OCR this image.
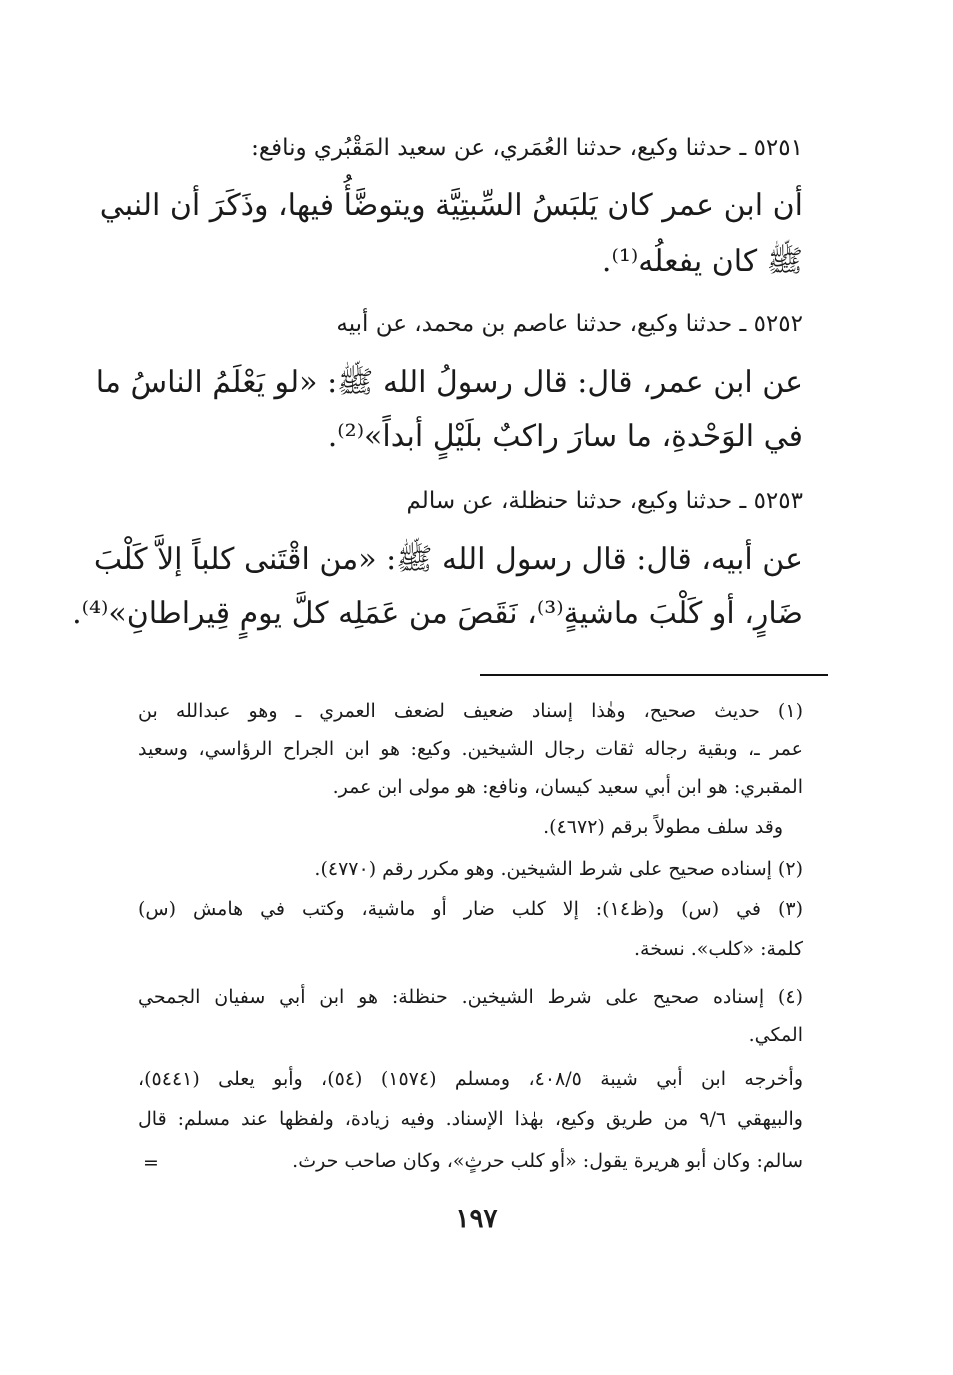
٥٢٥١ ـ حدثنا وكيع، حدثنا العُمَري، عن سعيد المَقْبُري ونافع:
أن ابن عمر كان يَلبَسُ السِّبتِيَّة ويتوضَّأُ فيها، وذَكَرَ أن النبي
ﷺ كان يفعلُه⁽¹⁾.
٥٢٥٢ ـ حدثنا وكيع، حدثنا عاصم بن محمد، عن أبيه
عن ابن عمر، قال: قال رسولُ الله ﷺ: «لو يَعْلَمُ الناسُ ما
في الوَحْدةِ، ما سارَ راكبٌ بلَيْلٍ أبداً»⁽²⁾.
٥٢٥٣ ـ حدثنا وكيع، حدثنا حنظلة، عن سالم
عن أبيه، قال: قال رسول الله ﷺ: «من اقْتَنى كلباً إلاَّ كَلْبَ
ضَارٍ، أو كَلْبَ ماشيةٍ⁽³⁾، نَقَصَ من عَمَلِه كلَّ يومٍ قِيراطانِ»⁽⁴⁾.
(١) حديث صحيح، وهٰذا إسناد ضعيف لضعف العمري ـ وهو عبدالله بن
عمر ـ، وبقية رجاله ثقات رجال الشيخين. وكيع: هو ابن الجراح الرؤاسي، وسعيد
المقبري: هو ابن أبي سعيد كيسان، ونافع: هو مولى ابن عمر.
وقد سلف مطولاً برقم (٤٦٧٢).
(٢) إسناده صحيح على شرط الشيخين. وهو مكرر رقم (٤٧٧٠).
(٣) في (س) و(ظ١٤): إلا كلب ضار أو ماشية، وكتب في هامش (س)
كلمة: «كلب». نسخة.
(٤) إسناده صحيح على شرط الشيخين. حنظلة: هو ابن أبي سفيان الجمحي
المكي.
وأخرجه ابن أبي شيبة ٤٠٨/٥، ومسلم (١٥٧٤) (٥٤)، وأبو يعلى (٥٤٤١)،
والبيهقي ٩/٦ من طريق وكيع، بهٰذا الإسناد. وفيه زيادة، ولفظها عند مسلم: قال
سالم: وكان أبو هريرة يقول: «أو كلب حرثٍ»، وكان صاحب حرث.
=
١٩٧
